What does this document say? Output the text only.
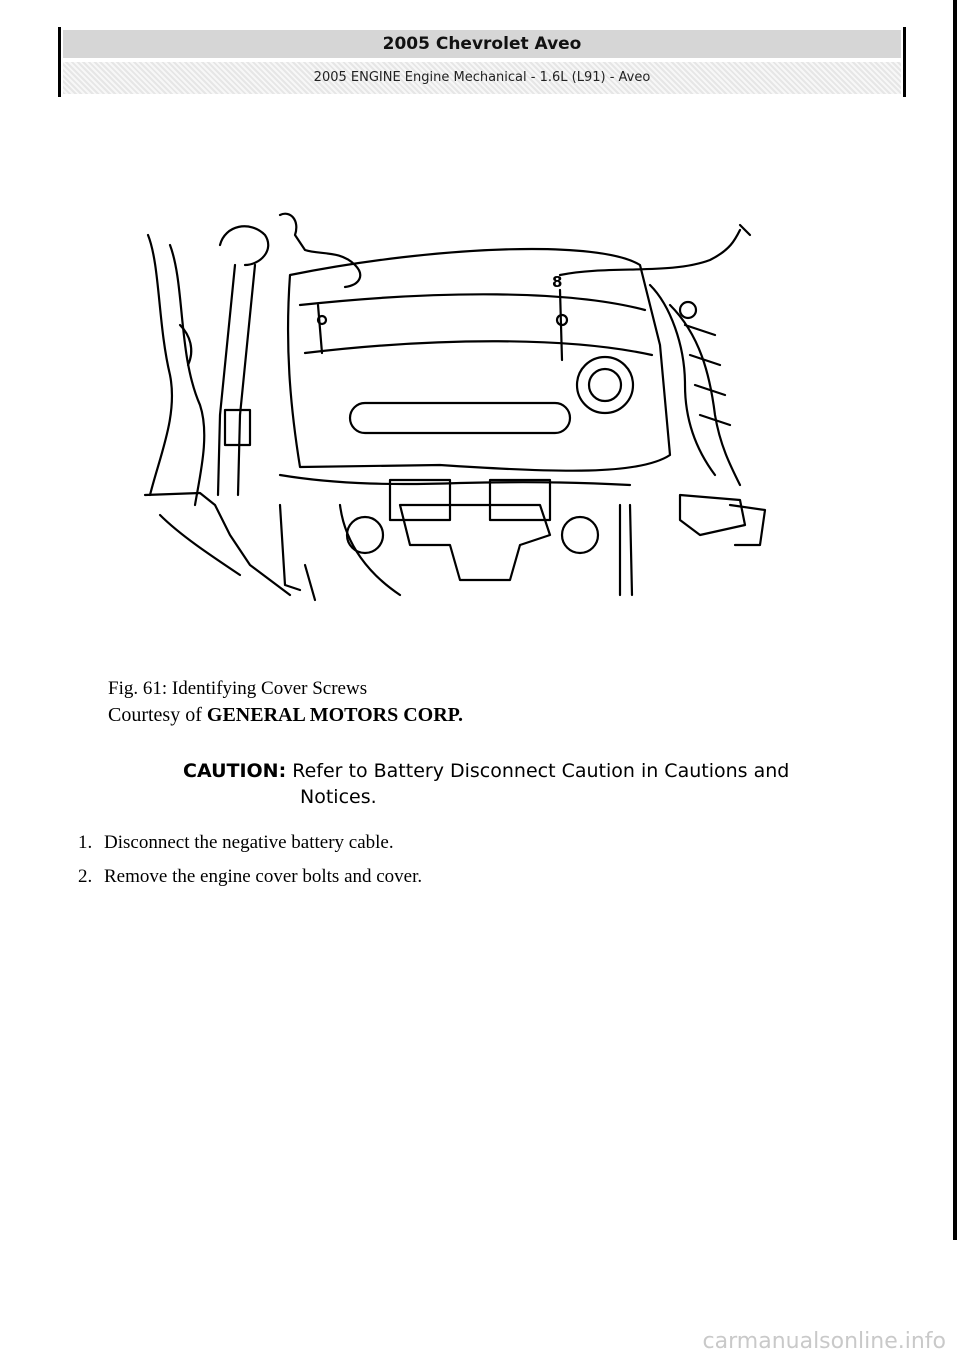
2005 Chevrolet Aveo
2005 ENGINE Engine Mechanical - 1.6L (L91) - Aveo
8
Fig. 61: Identifying Cover Screws
Courtesy of GENERAL MOTORS CORP.
CAUTION: Refer to Battery Disconnect Caution in Cautions and
Notices.
1. Disconnect the negative battery cable.
2. Remove the engine cover bolts and cover.
carmanualsonline.info
